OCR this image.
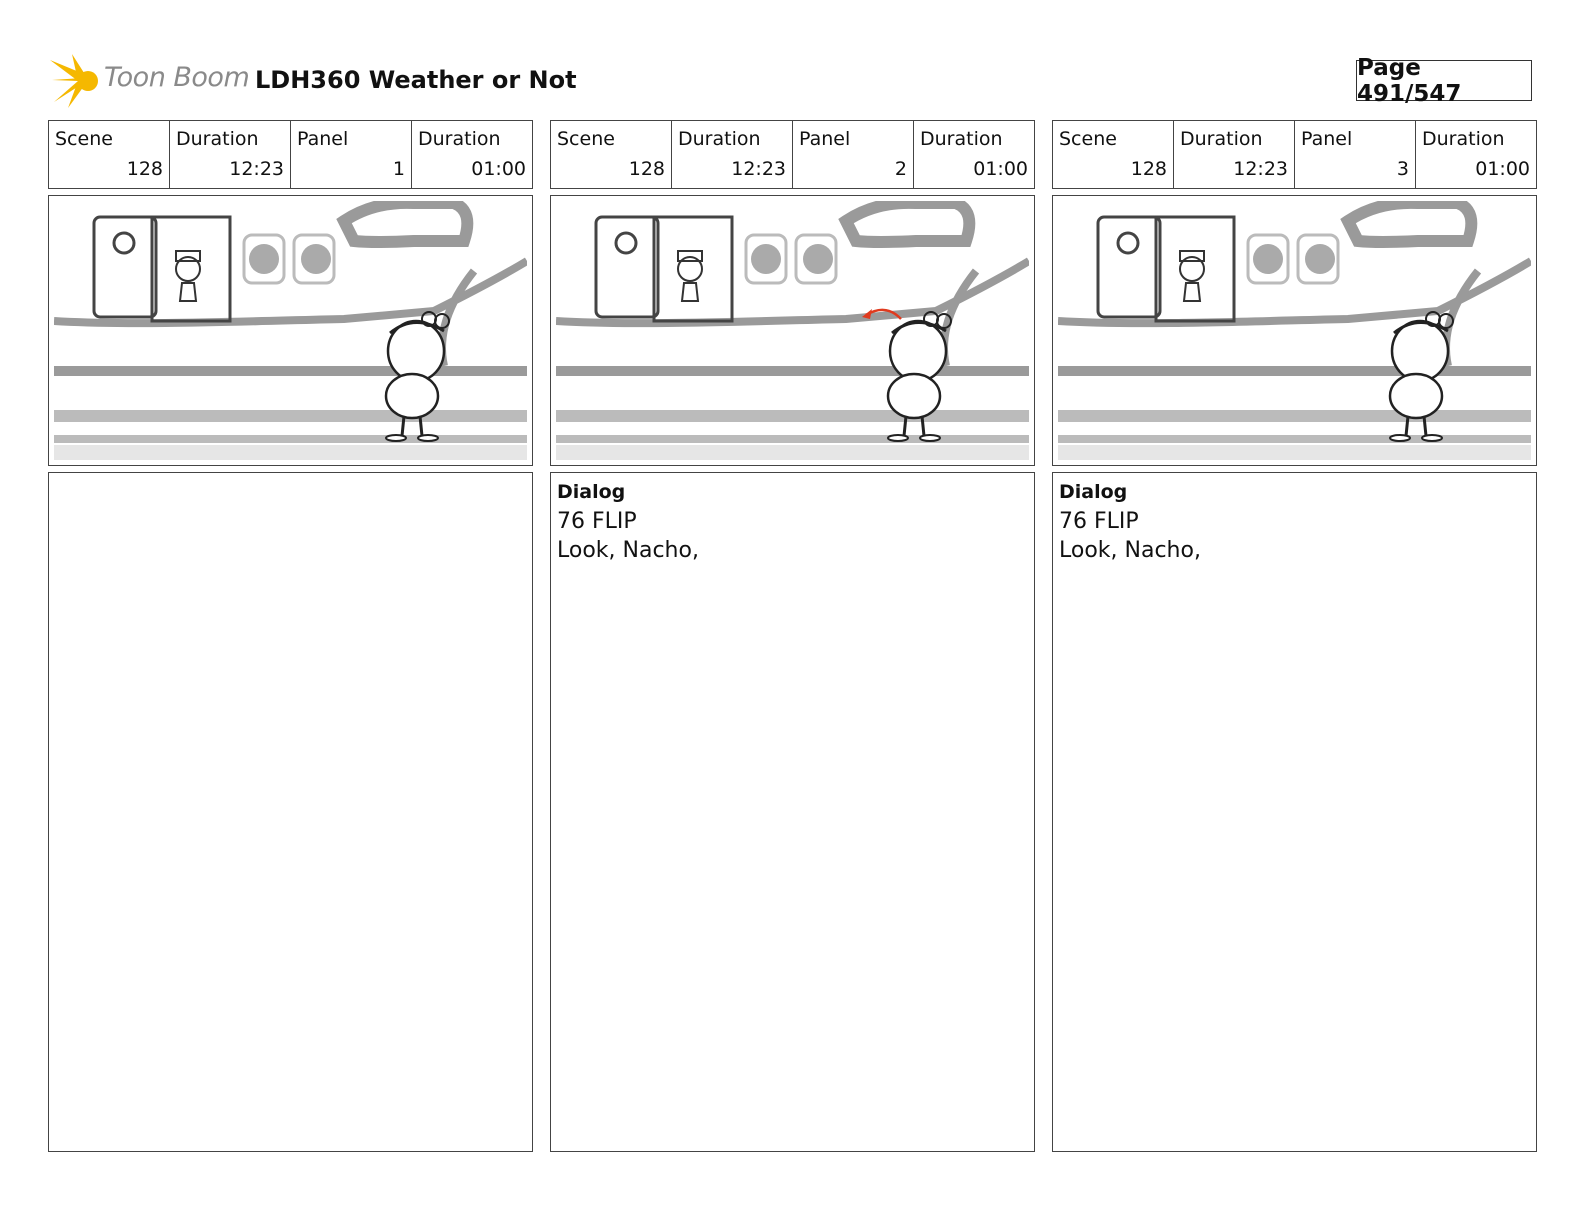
Toon Boom LDH360 Weather or Not	Page 491/547
Scene
128
Duration
12:23
Panel
1
Duration
01:00
Scene
128
Duration
12:23
Panel
2
Duration
01:00
Dialog
76 FLIP
Look, Nacho,
Scene
128
Duration
12:23
Panel
3
Duration
01:00
Dialog
76 FLIP
Look, Nacho,
